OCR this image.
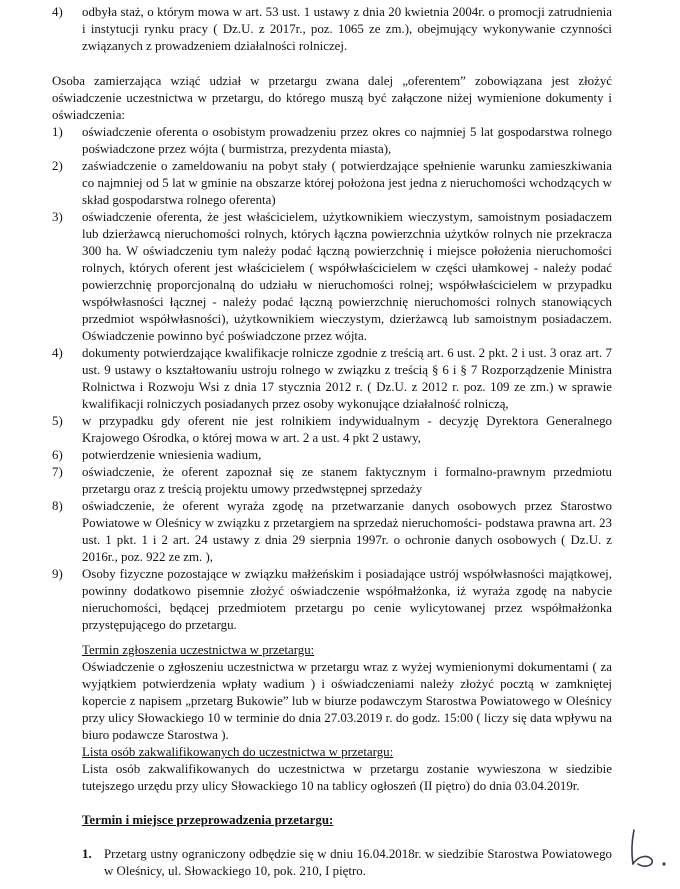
4) odbyła staż, o którym mowa w art. 53 ust. 1 ustawy z dnia 20 kwietnia 2004r. o promocji zatrudnienia i instytucji rynku pracy ( Dz.U. z 2017r., poz. 1065 ze zm.), obejmujący wykonywanie czynności związanych z prowadzeniem działalności rolniczej.

Osoba zamierzająca wziąć udział w przetargu zwana dalej „oferentem” zobowiązana jest złożyć oświadczenie uczestnictwa w przetargu, do którego muszą być załączone niżej wymienione dokumenty i oświadczenia:

1) oświadczenie oferenta o osobistym prowadzeniu przez okres co najmniej 5 lat gospodarstwa rolnego poświadczone przez wójta ( burmistrza, prezydenta miasta),

2) zaświadczenie o zameldowaniu na pobyt stały ( potwierdzające spełnienie warunku zamieszkiwania co najmniej od 5 lat w gminie na obszarze której położona jest jedna z nieruchomości wchodzących w skład gospodarstwa rolnego oferenta)

3) oświadczenie oferenta, że jest właścicielem, użytkownikiem wieczystym, samoistnym posiadaczem lub dzierżawcą nieruchomości rolnych, których łączna powierzchnia użytków rolnych nie przekracza 300 ha. W oświadczeniu tym należy podać łączną powierzchnię i miejsce położenia nieruchomości rolnych, których oferent jest właścicielem ( współwłaścicielem w części ułamkowej - należy podać powierzchnię proporcjonalną do udziału w nieruchomości rolnej; współwłaścicielem w przypadku współwłasności łącznej - należy podać łączną powierzchnię nieruchomości rolnych stanowiących przedmiot współwłasności), użytkownikiem wieczystym, dzierżawcą lub samoistnym posiadaczem. Oświadczenie powinno być poświadczone przez wójta.

4) dokumenty potwierdzające kwalifikacje rolnicze zgodnie z treścią art. 6 ust. 2 pkt. 2 i ust. 3 oraz art. 7 ust. 9 ustawy o kształtowaniu ustroju rolnego w związku z treścią § 6 i § 7 Rozporządzenie Ministra Rolnictwa i Rozwoju Wsi z dnia 17 stycznia 2012 r. ( Dz.U. z 2012 r. poz. 109 ze zm.) w sprawie kwalifikacji rolniczych posiadanych przez osoby wykonujące działalność rolniczą,

5) w przypadku gdy oferent nie jest rolnikiem indywidualnym - decyzję Dyrektora Generalnego Krajowego Ośrodka, o której mowa w art. 2 a ust. 4 pkt 2 ustawy,

6) potwierdzenie wniesienia wadium,

7) oświadczenie, że oferent zapoznał się ze stanem faktycznym i formalno-prawnym przedmiotu przetargu oraz z treścią projektu umowy przedwstępnej sprzedaży

8) oświadczenie, że oferent wyraża zgodę na przetwarzanie danych osobowych przez Starostwo Powiatowe w Oleśnicy w związku z przetargiem na sprzedaż nieruchomości- podstawa prawna art. 23 ust. 1 pkt. 1 i 2 art. 24 ustawy z dnia 29 sierpnia 1997r. o ochronie danych osobowych ( Dz.U. z 2016r., poz. 922 ze zm. ),

9) Osoby fizyczne pozostające w związku małżeńskim i posiadające ustrój współwłasności majątkowej, powinny dodatkowo pisemnie złożyć oświadczenie współmałżonka, iż wyraża zgodę na nabycie nieruchomości, będącej przedmiotem przetargu po cenie wylicytowanej przez współmałżonka przystępującego do przetargu.

Termin zgłoszenia uczestnictwa w przetargu:

Oświadczenie o zgłoszeniu uczestnictwa w przetargu wraz z wyżej wymienionymi dokumentami ( za wyjątkiem potwierdzenia wpłaty wadium ) i oświadczeniami należy złożyć pocztą w zamkniętej kopercie z napisem „przetarg Bukowie” lub w biurze podawczym Starostwa Powiatowego w Oleśnicy przy ulicy Słowackiego 10 w terminie do dnia 27.03.2019 r. do godz. 15:00 ( liczy się data wpływu na biuro podawcze Starostwa ).

Lista osób zakwalifikowanych do uczestnictwa w przetargu:

Lista osób zakwalifikowanych do uczestnictwa w przetargu zostanie wywieszona w siedzibie tutejszego urzędu przy ulicy Słowackiego 10 na tablicy ogłoszeń (II piętro) do dnia 03.04.2019r.

Termin i miejsce przeprowadzenia przetargu:

1. Przetarg ustny ograniczony odbędzie się w dniu 16.04.2018r. w siedzibie Starostwa Powiatowego w Oleśnicy, ul. Słowackiego 10, pok. 210, I piętro.
